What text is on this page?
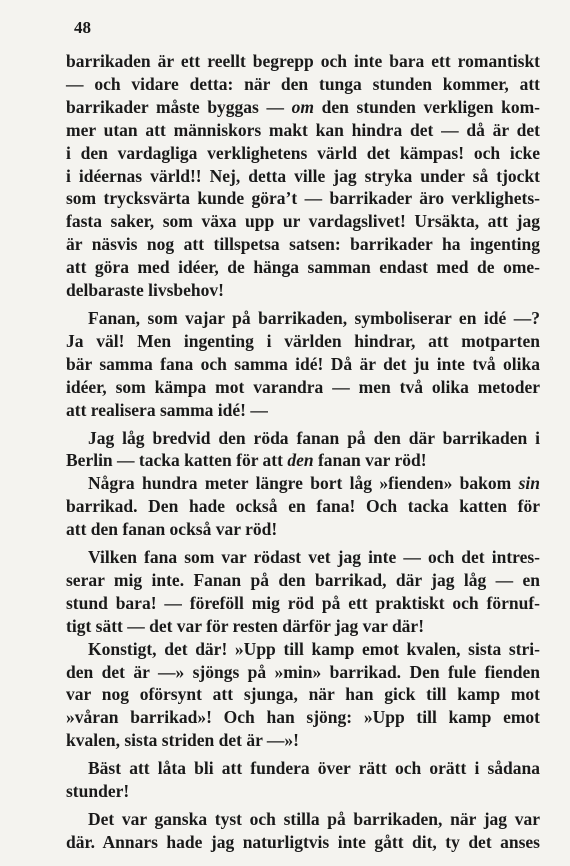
48
barrikaden är ett reellt begrepp och inte bara ett romantiskt
— och vidare detta: när den tunga stunden kommer, att
barrikader måste byggas — om den stunden verkligen kom-
mer utan att människors makt kan hindra det — då är det
i den vardagliga verklighetens värld det kämpas! och icke
i idéernas värld!! Nej, detta ville jag stryka under så tjockt
som trycksvärta kunde göra’t — barrikader äro verklighets-
fasta saker, som växa upp ur vardagslivet! Ursäkta, att jag
är näsvis nog att tillspetsa satsen: barrikader ha ingenting
att göra med idéer, de hänga samman endast med de ome-
delbaraste livsbehov!
Fanan, som vajar på barrikaden, symboliserar en idé —?
Ja väl! Men ingenting i världen hindrar, att motparten
bär samma fana och samma idé! Då är det ju inte två olika
idéer, som kämpa mot varandra — men två olika metoder
att realisera samma idé! —
Jag låg bredvid den röda fanan på den där barrikaden i
Berlin — tacka katten för att den fanan var röd!
Några hundra meter längre bort låg »fienden» bakom sin
barrikad. Den hade också en fana! Och tacka katten för
att den fanan också var röd!
Vilken fana som var rödast vet jag inte — och det intres-
serar mig inte. Fanan på den barrikad, där jag låg — en
stund bara! — föreföll mig röd på ett praktiskt och förnuf-
tigt sätt — det var för resten därför jag var där!
Konstigt, det där! »Upp till kamp emot kvalen, sista stri-
den det är —» sjöngs på »min» barrikad. Den fule fienden
var nog oförsynt att sjunga, när han gick till kamp mot
»våran barrikad»! Och han sjöng: »Upp till kamp emot
kvalen, sista striden det är —»!
Bäst att låta bli att fundera över rätt och orätt i sådana
stunder!
Det var ganska tyst och stilla på barrikaden, när jag var
där. Annars hade jag naturligtvis inte gått dit, ty det anses
